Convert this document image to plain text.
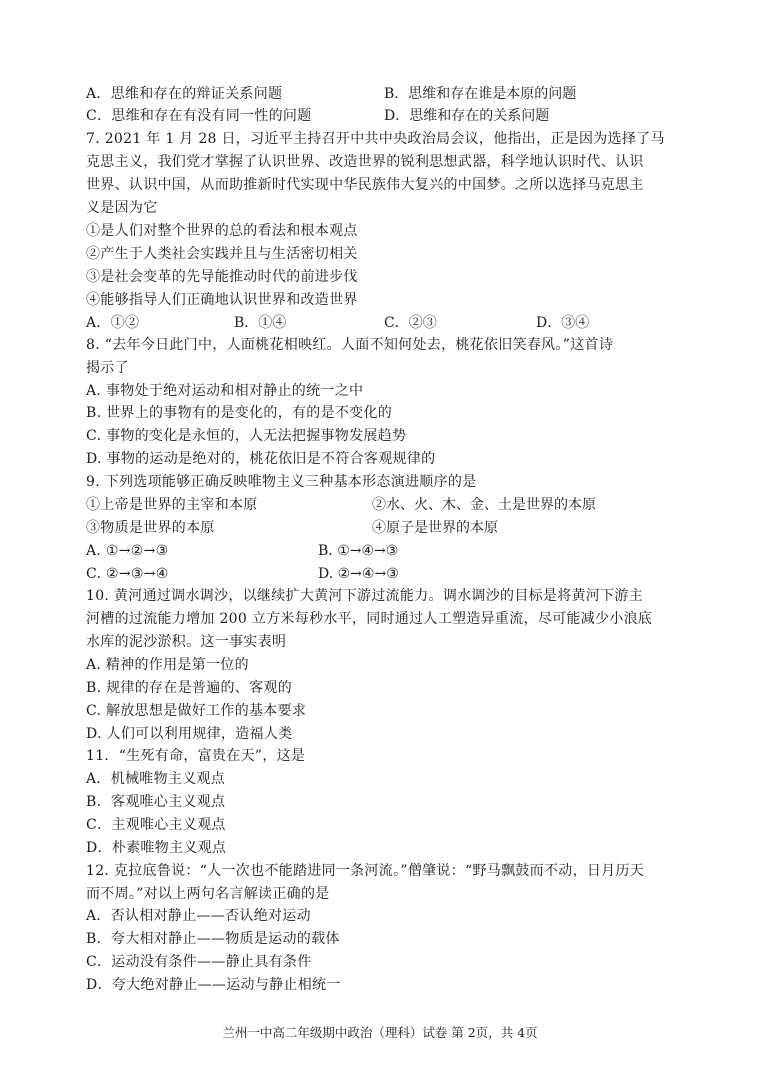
A．思维和存在的辩证关系问题	B．思维和存在谁是本原的问题
C．思维和存在有没有同一性的问题	D．思维和存在的关系问题
7. 2021 年 1 月 28 日，习近平主持召开中共中央政治局会议，他指出，正是因为选择了马
克思主义，我们党才掌握了认识世界、改造世界的锐利思想武器，科学地认识时代、认识
世界、认识中国，从而助推新时代实现中华民族伟大复兴的中国梦。之所以选择马克思主
义是因为它
①是人们对整个世界的总的看法和根本观点
②产生于人类社会实践并且与生活密切相关
③是社会变革的先导能推动时代的前进步伐
④能够指导人们正确地认识世界和改造世界
A．①②	B．①④	C．②③	D．③④
8. “去年今日此门中，人面桃花相映红。人面不知何处去，桃花依旧笑春风。”这首诗
揭示了
A. 事物处于绝对运动和相对静止的统一之中
B. 世界上的事物有的是变化的，有的是不变化的
C. 事物的变化是永恒的，人无法把握事物发展趋势
D. 事物的运动是绝对的，桃花依旧是不符合客观规律的
9. 下列选项能够正确反映唯物主义三种基本形态演进顺序的是
①上帝是世界的主宰和本原	②水、火、木、金、土是世界的本原
③物质是世界的本原	④原子是世界的本原
A. ①→②→③	B. ①→④→③
C. ②→③→④	D. ②→④→③
10. 黄河通过调水调沙，以继续扩大黄河下游过流能力。调水调沙的目标是将黄河下游主
河槽的过流能力增加 200 立方米每秒水平，同时通过人工塑造异重流，尽可能减少小浪底
水库的泥沙淤积。这一事实表明
A. 精神的作用是第一位的
B. 规律的存在是普遍的、客观的
C. 解放思想是做好工作的基本要求
D. 人们可以利用规律，造福人类
11．“生死有命，富贵在天”，这是
A．机械唯物主义观点
B．客观唯心主义观点
C．主观唯心主义观点
D．朴素唯物主义观点
12. 克拉底鲁说：“人一次也不能踏进同一条河流。”僧肇说：“野马飘鼓而不动，日月历天
而不周。”对以上两句名言解读正确的是
A．否认相对静止——否认绝对运动
B．夸大相对静止——物质是运动的载体
C．运动没有条件——静止具有条件
D．夸大绝对静止——运动与静止相统一
兰州一中高二年级期中政治（理科）试卷 第 2页，共 4页
